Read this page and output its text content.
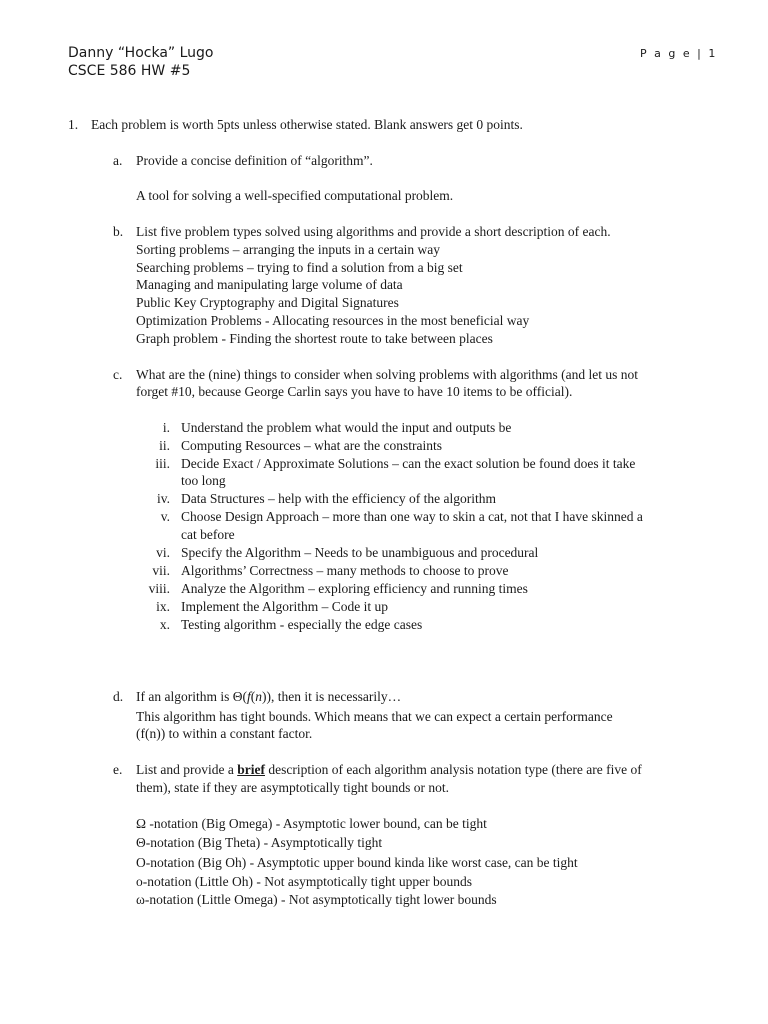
Danny “Hocka” Lugo
CSCE 586 HW #5
P a g e | 1
1. Each problem is worth 5pts unless otherwise stated. Blank answers get 0 points.
a. Provide a concise definition of “algorithm”.
A tool for solving a well-specified computational problem.
b. List five problem types solved using algorithms and provide a short description of each.
Sorting problems – arranging the inputs in a certain way
Searching problems – trying to find a solution from a big set
Managing and manipulating large volume of data
Public Key Cryptography and Digital Signatures
Optimization Problems - Allocating resources in the most beneficial way
Graph problem - Finding the shortest route to take between places
c. What are the (nine) things to consider when solving problems with algorithms (and let us not
forget #10, because George Carlin says you have to have 10 items to be official).
i. Understand the problem what would the input and outputs be
ii. Computing Resources – what are the constraints
iii. Decide Exact / Approximate Solutions – can the exact solution be found does it take
too long
iv. Data Structures – help with the efficiency of the algorithm
v. Choose Design Approach – more than one way to skin a cat, not that I have skinned a
cat before
vi. Specify the Algorithm – Needs to be unambiguous and procedural
vii. Algorithms’ Correctness – many methods to choose to prove
viii. Analyze the Algorithm – exploring efficiency and running times
ix. Implement the Algorithm – Code it up
x. Testing algorithm - especially the edge cases
d. If an algorithm is Θ(f(n)), then it is necessarily…
This algorithm has tight bounds. Which means that we can expect a certain performance
(f(n)) to within a constant factor.
e. List and provide a brief description of each algorithm analysis notation type (there are five of
them), state if they are asymptotically tight bounds or not.
Ω -notation (Big Omega) - Asymptotic lower bound, can be tight
Θ-notation (Big Theta) - Asymptotically tight
O-notation (Big Oh) - Asymptotic upper bound kinda like worst case, can be tight
o-notation (Little Oh) - Not asymptotically tight upper bounds
ω-notation (Little Omega) - Not asymptotically tight lower bounds
